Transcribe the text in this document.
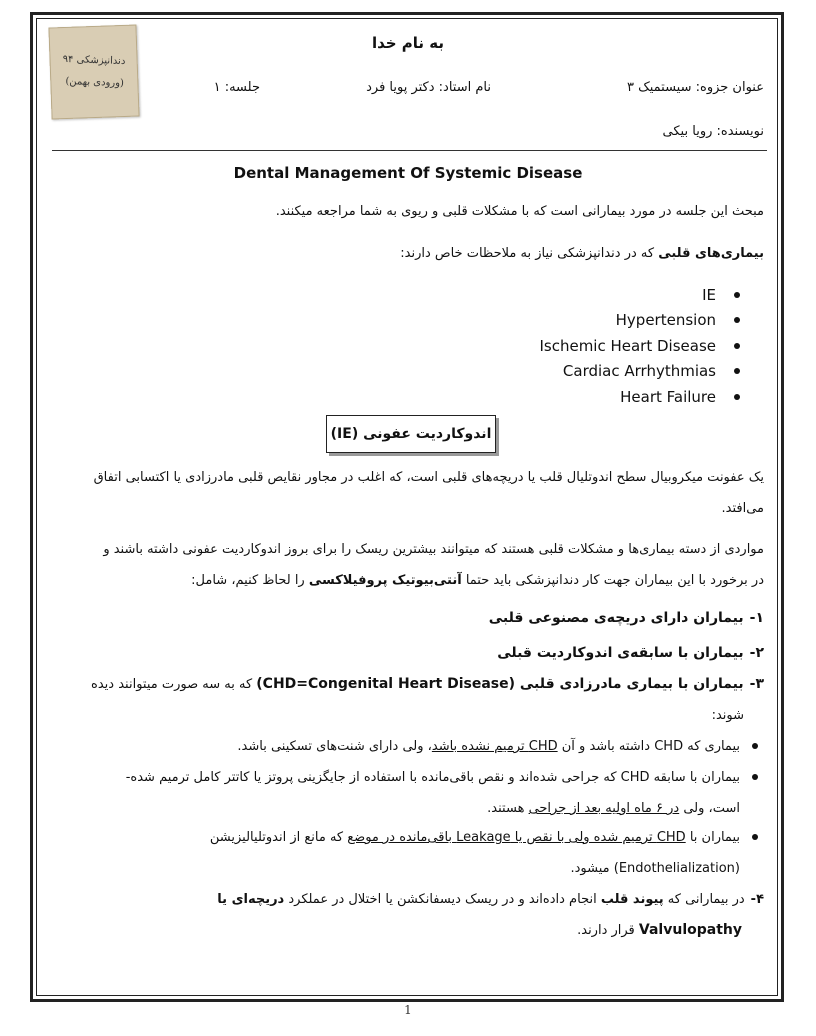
دندانپزشکی ۹۴
(ورودی بهمن)
به نام خدا
عنوان جزوه: سیستمیک ۳
نام استاد: دکتر پویا فرد
جلسه: ۱
نویسنده: رویا بیکی
Dental Management Of Systemic Disease
مبحث این جلسه در مورد بیمارانی است که با مشکلات قلبی و ریوی به شما مراجعه میکنند.
بیماری‌های قلبی که در دندانپزشکی نیاز به ملاحظات خاص دارند:
IE
Hypertension
Ischemic Heart Disease
Cardiac Arrhythmias
Heart Failure
اندوکاردیت عفونی (IE)
یک عفونت میکروبیال سطح اندوتلیال قلب یا دریچه‌های قلبی است، که اغلب در مجاور نقایص قلبی مادرزادی یا اکتسابی اتفاق
می‌افتد.
مواردی از دسته بیماری‌ها و مشکلات قلبی هستند که میتوانند بیشترین ریسک را برای بروز اندوکاردیت عفونی داشته باشند و
در برخورد با این بیماران جهت کار دندانپزشکی باید حتما آنتی‌بیوتیک پروفیلاکسی را لحاظ کنیم، شامل:
۱-بیماران دارای دریچه‌ی مصنوعی قلبی
۲-بیماران با سابقه‌ی اندوکاردیت قبلی
۳-بیماران با بیماری مادرزادی قلبی (CHD=Congenital Heart Disease) که به سه صورت میتوانند دیده
شوند:
بیماری که CHD داشته باشد و آن CHD ترمیم نشده باشد، ولی دارای شنت‌های تسکینی باشد.
بیماران با سابقه CHD که جراحی شده‌اند و نقص باقی‌مانده با استفاده از جایگزینی پروتز یا کاتتر کامل ترمیم شده-
است، ولی در ۶ ماه اولیه بعد از جراحی هستند.
بیماران با CHD ترمیم شده ولی با نقص یا Leakage باقی‌مانده در موضع که مانع از اندوتلیالیزیشن
(Endothelialization) میشود.
۴-در بیمارانی که پیوند قلب انجام داده‌اند و در ریسک دیسفانکشن یا اختلال در عملکرد دریچه‌ای یا
Valvulopathy قرار دارند.
1
